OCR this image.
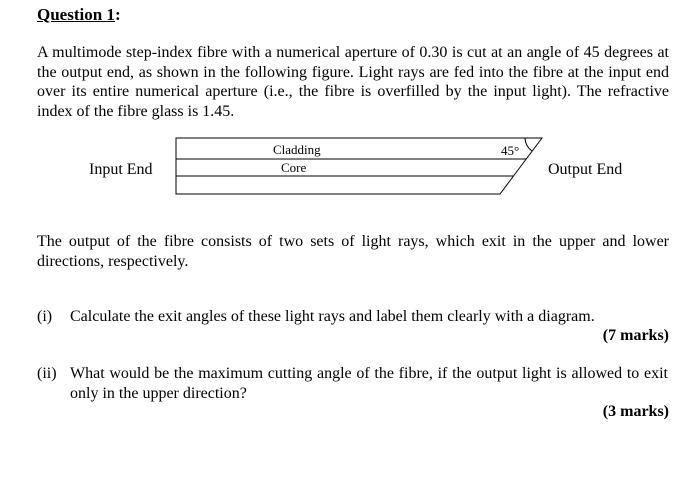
Question 1:
A multimode step-index fibre with a numerical aperture of 0.30 is cut at an angle of 45 degrees at the output end, as shown in the following figure. Light rays are fed into the fibre at the input end over its entire numerical aperture (i.e., the fibre is overfilled by the input light). The refractive index of the fibre glass is 1.45.
Input End
Cladding
Core
45°
Output End
The output of the fibre consists of two sets of light rays, which exit in the upper and lower directions, respectively.
(i) Calculate the exit angles of these light rays and label them clearly with a diagram.
(7 marks)
(ii) What would be the maximum cutting angle of the fibre, if the output light is allowed to exit only in the upper direction?
(3 marks)
